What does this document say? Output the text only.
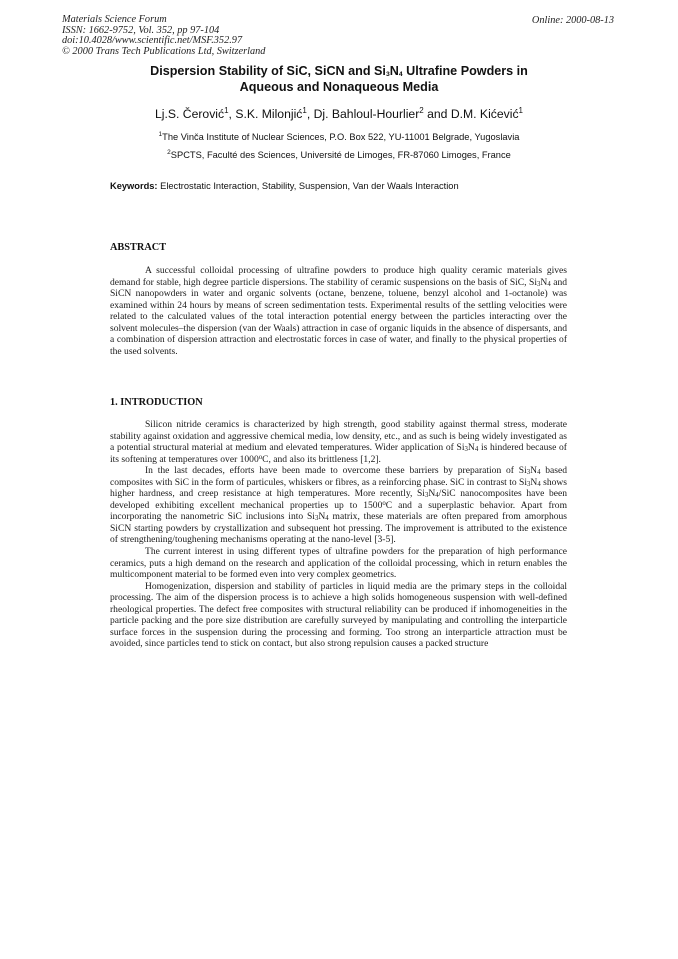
Materials Science Forum
ISSN: 1662-9752, Vol. 352, pp 97-104
doi:10.4028/www.scientific.net/MSF.352.97
© 2000 Trans Tech Publications Ltd, Switzerland
Online: 2000-08-13
Dispersion Stability of SiC, SiCN and $Si_3N_4$ Ultrafine Powders in
Aqueous and Nonaqueous Media
Lj.S. Čerović$^1$, S.K. Milonjić$^1$, Dj. Bahloul-Hourlier$^2$ and D.M. Kićević$^1$
$^1$The Vinča Institute of Nuclear Sciences, P.O. Box 522, YU-11001 Belgrade, Yugoslavia
$^2$SPCTS, Faculté des Sciences, Université de Limoges, FR-87060 Limoges, France
Keywords: Electrostatic Interaction, Stability, Suspension, Van der Waals Interaction
ABSTRACT

A successful colloidal processing of ultrafine powders to produce high quality ceramic materials gives demand for stable, high degree particle dispersions. The stability of ceramic suspensions on the basis of SiC, $Si_3N_4$ and SiCN nanopowders in water and organic solvents (octane, benzene, toluene, benzyl alcohol and 1-octanole) was examined within 24 hours by means of screen sedimentation tests. Experimental results of the settling velocities were related to the calculated values of the total interaction potential energy between the particles interacting over the solvent molecules–the dispersion (van der Waals) attraction in case of organic liquids in the absence of dispersants, and a combination of dispersion attraction and electrostatic forces in case of water, and finally to the physical properties of the used solvents.

1. INTRODUCTION

Silicon nitride ceramics is characterized by high strength, good stability against thermal stress, moderate stability against oxidation and aggressive chemical media, low density, etc., and as such is being widely investigated as a potential structural material at medium and elevated temperatures. Wider application of $Si_3N_4$ is hindered because of its softening at temperatures over 1000$^o$C, and also its brittleness [1,2].

In the last decades, efforts have been made to overcome these barriers by preparation of $Si_3N_4$ based composites with SiC in the form of particules, whiskers or fibres, as a reinforcing phase. SiC in contrast to $Si_3N_4$ shows higher hardness, and creep resistance at high temperatures. More recently, $Si_3N_4$/SiC nanocomposites have been developed exhibiting excellent mechanical properties up to 1500$^o$C and a superplastic behavior. Apart from incorporating the nanometric SiC inclusions into $Si_3N_4$ matrix, these materials are often prepared from amorphous SiCN starting powders by crystallization and subsequent hot pressing. The improvement is attributed to the existence of strengthening/toughening mechanisms operating at the nano-level [3-5].

The current interest in using different types of ultrafine powders for the preparation of high performance ceramics, puts a high demand on the research and application of the colloidal processing, which in return enables the multicomponent material to be formed even into very complex geometrics.

Homogenization, dispersion and stability of particles in liquid media are the primary steps in the colloidal processing. The aim of the dispersion process is to achieve a high solids homogeneous suspension with well-defined rheological properties. The defect free composites with structural reliability can be produced if inhomogeneities in the particle packing and the pore size distribution are carefully surveyed by manipulating and controlling the interparticle surface forces in the suspension during the processing and forming. Too strong an interparticle attraction must be avoided, since particles tend to stick on contact, but also strong repulsion causes a packed structure
